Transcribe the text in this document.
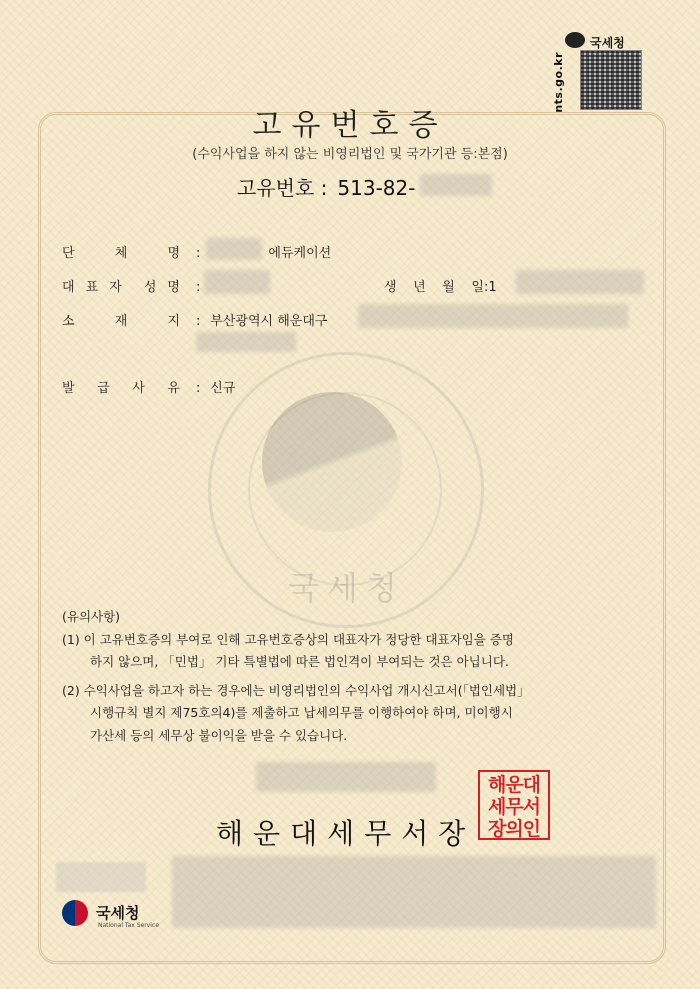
국세청
nts.go.kr
고유번호증
(수익사업을 하지 않는 비영리법인 및 국가기관 등:본점)
고유번호 : 513-82-
단	체	명 :	에듀케이션
대 표 자 성 명 :	생 년 월 일 :1
소	재	지 : 부산광역시 해운대구
발 급 사 유 : 신규
국세청

(유의사항)

(1) 이 고유번호증의 부여로 인해 고유번호증상의 대표자가 정당한 대표자임을 증명

하지 않으며, 「민법」 기타 특별법에 따른 법인격이 부여되는 것은 아닙니다.

(2) 수익사업을 하고자 하는 경우에는 비영리법인의 수익사업 개시신고서(「법인세법」

시행규칙 별지 제75호의4)를 제출하고 납세의무를 이행하여야 하며, 미이행시

가산세 등의 세무상 불이익을 받을 수 있습니다.

해운대세무서장
해운대
세무서
장의인
국세청
National Tax Service
